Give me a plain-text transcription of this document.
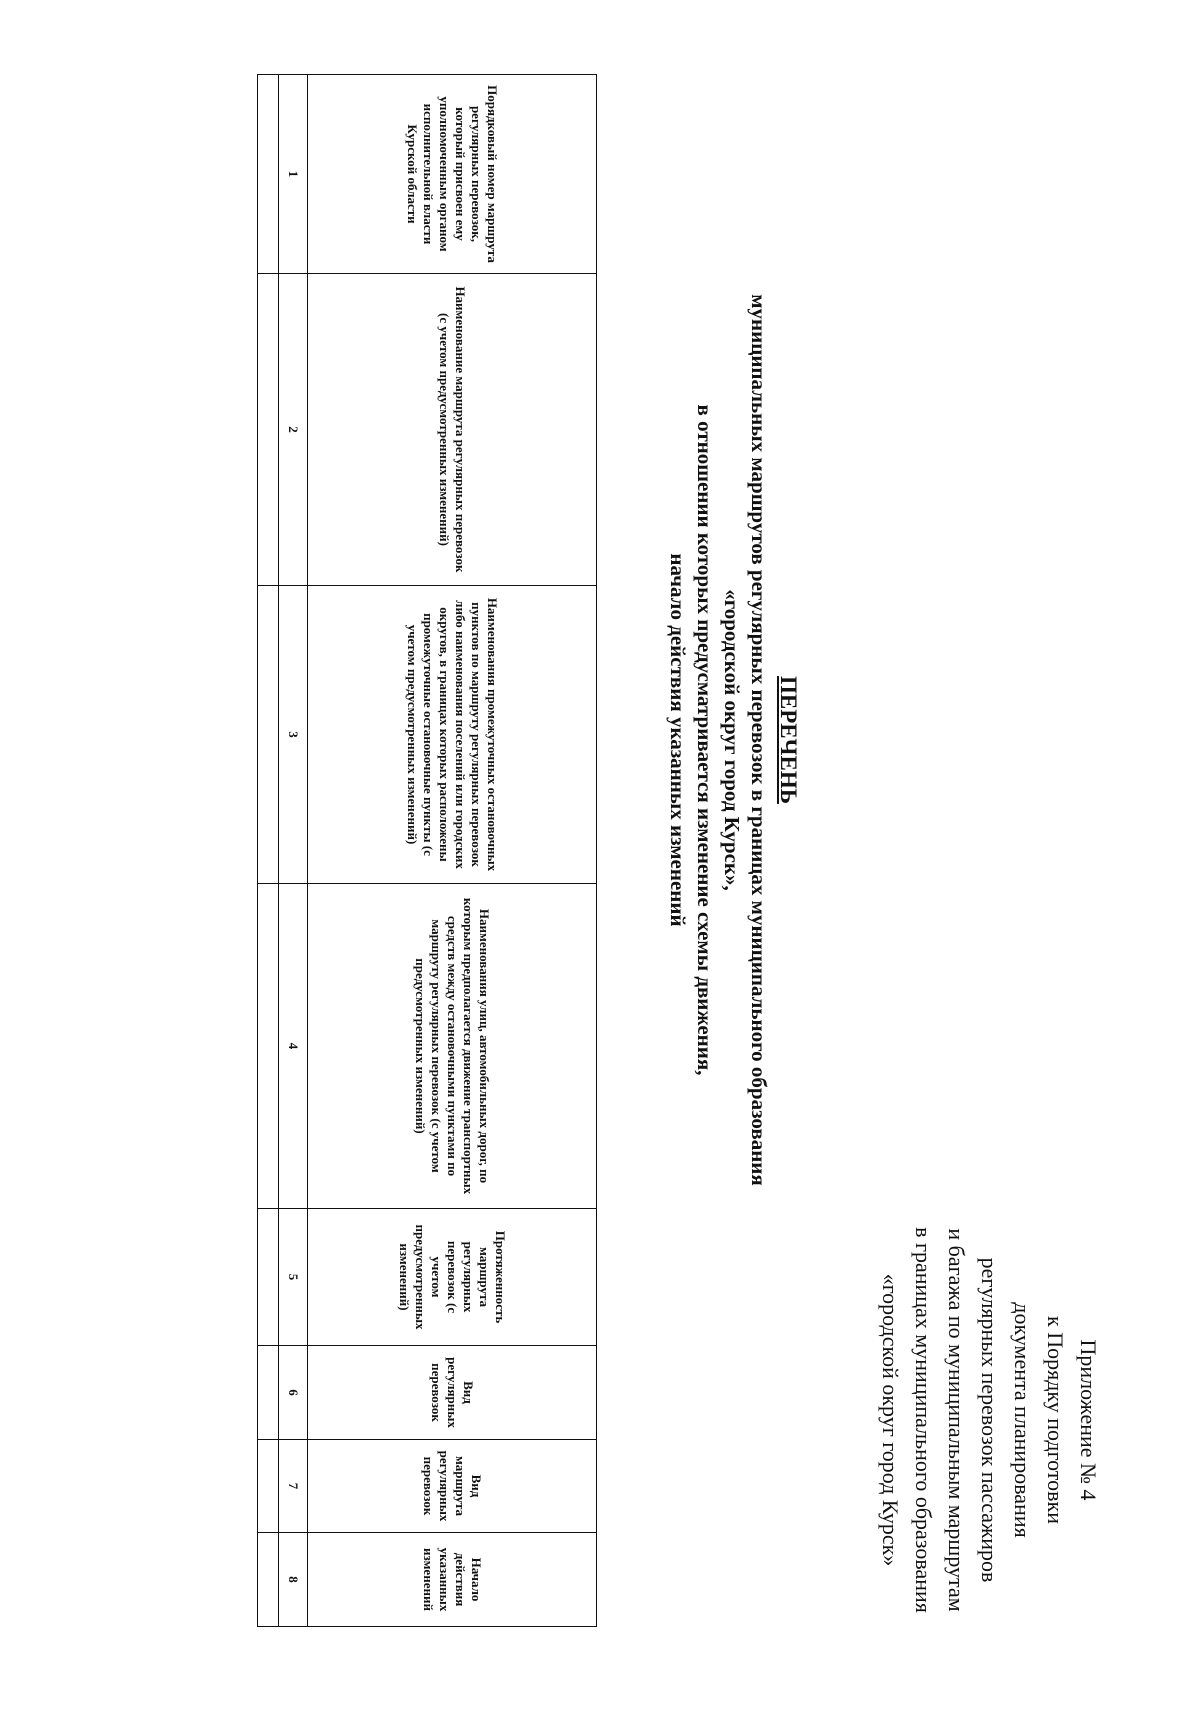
Приложение № 4
к Порядку подготовки
документа планирования
регулярных перевозок пассажиров
и багажа по муниципальным маршрутам
в границах муниципального образования
«городской округ город Курск»
ПЕРЕЧЕНЬ
муниципальных маршрутов регулярных перевозок в границах муниципального образования
«городской округ город Курск»,
в отношении которых предусматривается изменение схемы движения,
начало действия указанных изменений
Порядковый номер маршрута регулярных перевозок, который присвоен ему уполномоченным органом исполнительной власти Курской области	Наименование маршрута регулярных перевозок (с учетом предусмотренных изменений)	Наименования промежуточных остановочных пунктов по маршруту регулярных перевозок либо наименования поселений или городских округов, в границах которых расположены промежуточные остановочные пункты (с учетом предусмотренных изменений)	Наименования улиц, автомобильных дорог, по которым предполагается движение транспортных средств между остановочными пунктами по маршруту регулярных перевозок (с учетом предусмотренных изменений)	Протяженность маршрута регулярных перевозок (с учетом предусмотренных изменений)	Вид регулярных перевозок	Вид маршрута регулярных перевозок	Начало действия указанных изменений
1	2	3	4	5	6	7	8
